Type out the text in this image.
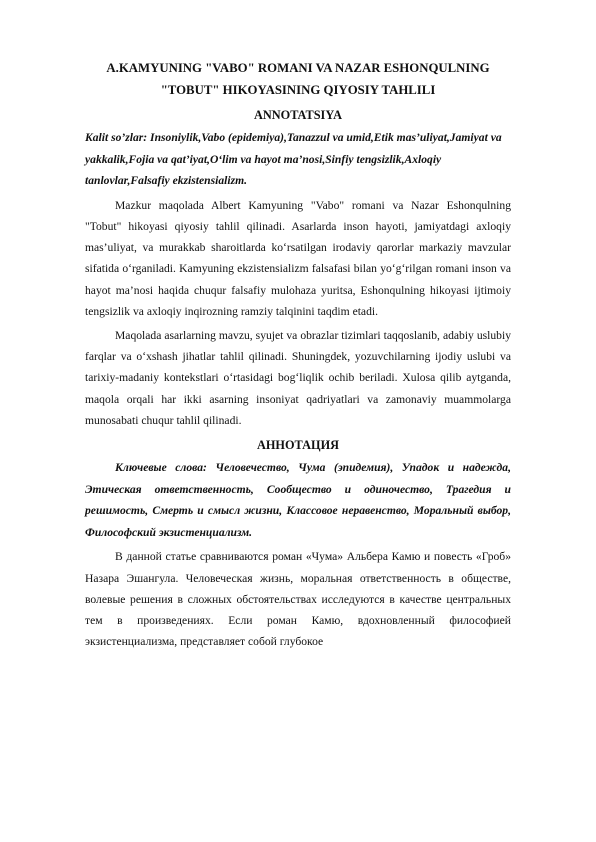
A.KAMYUNING "VABO" ROMANI VA NAZAR ESHONQULNING
"TOBUT" HIKOYASINING QIYOSIY TAHLILI
ANNOTATSIYA

Kalit so’zlar: Insoniylik,Vabo (epidemiya),Tanazzul va umid,Etik mas’uliyat,Jamiyat va yakkalik,Fojia va qat’iyat,O‘lim va hayot ma’nosi,Sinfiy tengsizlik,Axloqiy tanlovlar,Falsafiy ekzistensializm.

Mazkur maqolada Albert Kamyuning "Vabo" romani va Nazar Eshonqulning "Tobut" hikoyasi qiyosiy tahlil qilinadi. Asarlarda inson hayoti, jamiyatdagi axloqiy mas’uliyat, va murakkab sharoitlarda ko‘rsatilgan irodaviy qarorlar markaziy mavzular sifatida o‘rganiladi. Kamyuning ekzistensializm falsafasi bilan yo‘g‘rilgan romani inson va hayot ma’nosi haqida chuqur falsafiy mulohaza yuritsa, Eshonqulning hikoyasi ijtimoiy tengsizlik va axloqiy inqirozning ramziy talqinini taqdim etadi.

Maqolada asarlarning mavzu, syujet va obrazlar tizimlari taqqoslanib, adabiy uslubiy farqlar va o‘xshash jihatlar tahlil qilinadi. Shuningdek, yozuvchilarning ijodiy uslubi va tarixiy-madaniy kontekstlari o‘rtasidagi bog‘liqlik ochib beriladi. Xulosa qilib aytganda, maqola orqali har ikki asarning insoniyat qadriyatlari va zamonaviy muammolarga munosabati chuqur tahlil qilinadi.

АННОТАЦИЯ

Ключевые слова: Человечество, Чума (эпидемия), Упадок и надежда, Этическая ответственность, Сообщество и одиночество, Трагедия и решимость, Смерть и смысл жизни, Классовое неравенство, Моральный выбор, Философский экзистенциализм.

В данной статье сравниваются роман «Чума» Альбера Камю и повесть «Гроб» Назара Эшангула. Человеческая жизнь, моральная ответственность в обществе, волевые решения в сложных обстоятельствах исследуются в качестве центральных тем в произведениях. Если роман Камю, вдохновленный философией экзистенциализма, представляет собой глубокое
